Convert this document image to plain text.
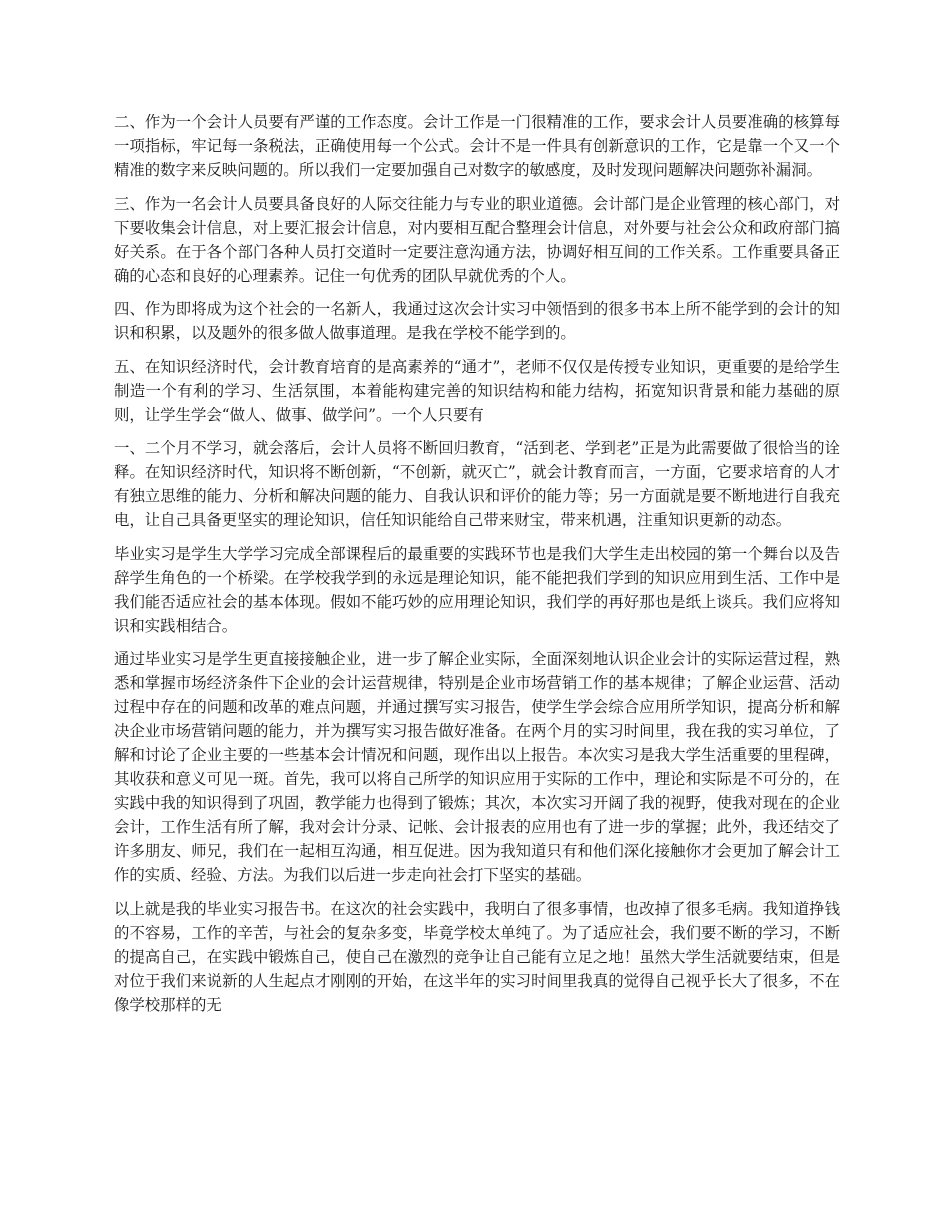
二、作为一个会计人员要有严谨的工作态度。会计工作是一门很精准的工作，要求会计人员要准确的核算每一项指标，牢记每一条税法，正确使用每一个公式。会计不是一件具有创新意识的工作，它是靠一个又一个精准的数字来反映问题的。所以我们一定要加强自己对数字的敏感度，及时发现问题解决问题弥补漏洞。

三、作为一名会计人员要具备良好的人际交往能力与专业的职业道德。会计部门是企业管理的核心部门，对下要收集会计信息，对上要汇报会计信息，对内要相互配合整理会计信息，对外要与社会公众和政府部门搞好关系。在于各个部门各种人员打交道时一定要注意沟通方法，协调好相互间的工作关系。工作重要具备正确的心态和良好的心理素养。记住一句优秀的团队早就优秀的个人。

四、作为即将成为这个社会的一名新人，我通过这次会计实习中领悟到的很多书本上所不能学到的会计的知识和积累，以及题外的很多做人做事道理。是我在学校不能学到的。

五、在知识经济时代，会计教育培育的是高素养的“通才”，老师不仅仅是传授专业知识，更重要的是给学生制造一个有利的学习、生活氛围，本着能构建完善的知识结构和能力结构，拓宽知识背景和能力基础的原则，让学生学会“做人、做事、做学问”。一个人只要有

一、二个月不学习，就会落后，会计人员将不断回归教育，“活到老、学到老”正是为此需要做了很恰当的诠释。在知识经济时代，知识将不断创新，“不创新，就灭亡”，就会计教育而言，一方面，它要求培育的人才有独立思维的能力、分析和解决问题的能力、自我认识和评价的能力等；另一方面就是要不断地进行自我充电，让自己具备更坚实的理论知识，信任知识能给自己带来财宝，带来机遇，注重知识更新的动态。

毕业实习是学生大学学习完成全部课程后的最重要的实践环节也是我们大学生走出校园的第一个舞台以及告辞学生角色的一个桥梁。在学校我学到的永远是理论知识，能不能把我们学到的知识应用到生活、工作中是我们能否适应社会的基本体现。假如不能巧妙的应用理论知识，我们学的再好那也是纸上谈兵。我们应将知识和实践相结合。

通过毕业实习是学生更直接接触企业，进一步了解企业实际，全面深刻地认识企业会计的实际运营过程，熟悉和掌握市场经济条件下企业的会计运营规律，特别是企业市场营销工作的基本规律；了解企业运营、活动过程中存在的问题和改革的难点问题，并通过撰写实习报告，使学生学会综合应用所学知识，提高分析和解决企业市场营销问题的能力，并为撰写实习报告做好准备。在两个月的实习时间里，我在我的实习单位，了解和讨论了企业主要的一些基本会计情况和问题，现作出以上报告。本次实习是我大学生活重要的里程碑，其收获和意义可见一斑。首先，我可以将自己所学的知识应用于实际的工作中，理论和实际是不可分的，在实践中我的知识得到了巩固，教学能力也得到了锻炼；其次，本次实习开阔了我的视野，使我对现在的企业会计，工作生活有所了解，我对会计分录、记帐、会计报表的应用也有了进一步的掌握；此外，我还结交了许多朋友、师兄，我们在一起相互沟通，相互促进。因为我知道只有和他们深化接触你才会更加了解会计工作的实质、经验、方法。为我们以后进一步走向社会打下坚实的基础。

以上就是我的毕业实习报告书。在这次的社会实践中，我明白了很多事情，也改掉了很多毛病。我知道挣钱的不容易，工作的辛苦，与社会的复杂多变，毕竟学校太单纯了。为了适应社会，我们要不断的学习，不断的提高自己，在实践中锻炼自己，使自己在激烈的竞争让自己能有立足之地！虽然大学生活就要结束，但是对位于我们来说新的人生起点才刚刚的开始，在这半年的实习时间里我真的觉得自己视乎长大了很多，不在像学校那样的无
